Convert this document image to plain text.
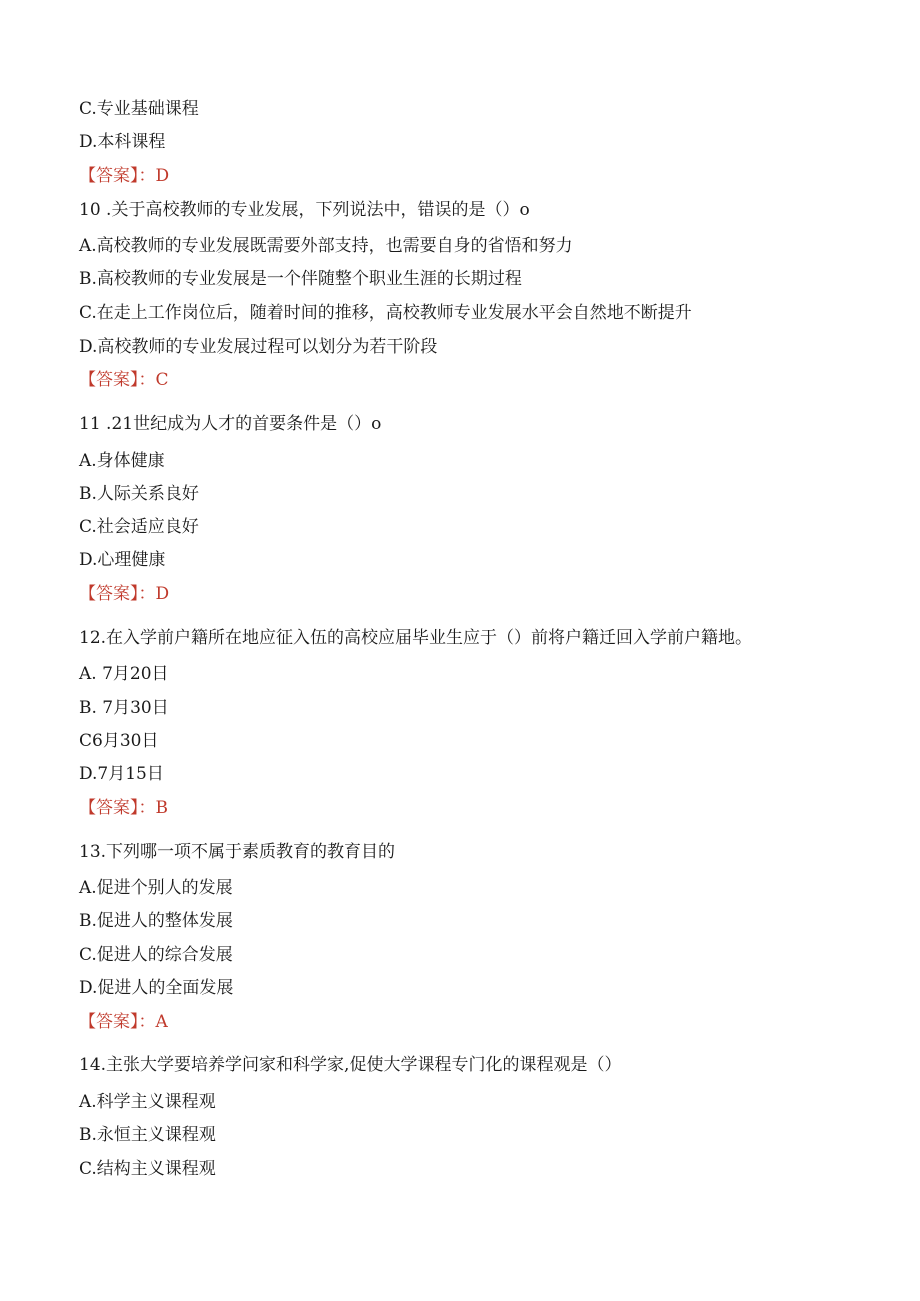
C.专业基础课程
D.本科课程
【答案】：D
10 .关于高校教师的专业发展，下列说法中，错误的是（）o
A.高校教师的专业发展既需要外部支持，也需要自身的省悟和努力
B.高校教师的专业发展是一个伴随整个职业生涯的长期过程
C.在走上工作岗位后，随着时间的推移，高校教师专业发展水平会自然地不断提升
D.高校教师的专业发展过程可以划分为若干阶段
【答案】：C
11 .21世纪成为人才的首要条件是（）o
A.身体健康
B.人际关系良好
C.社会适应良好
D.心理健康
【答案】：D
12.在入学前户籍所在地应征入伍的高校应届毕业生应于（）前将户籍迁回入学前户籍地。
A. 7月20日
B. 7月30日
C6月30日
D.7月15日
【答案】：B
13.下列哪一项不属于素质教育的教育目的
A.促进个别人的发展
B.促进人的整体发展
C.促进人的综合发展
D.促进人的全面发展
【答案】：A
14.主张大学要培养学问家和科学家,促使大学课程专门化的课程观是（）
A.科学主义课程观
B.永恒主义课程观
C.结构主义课程观
